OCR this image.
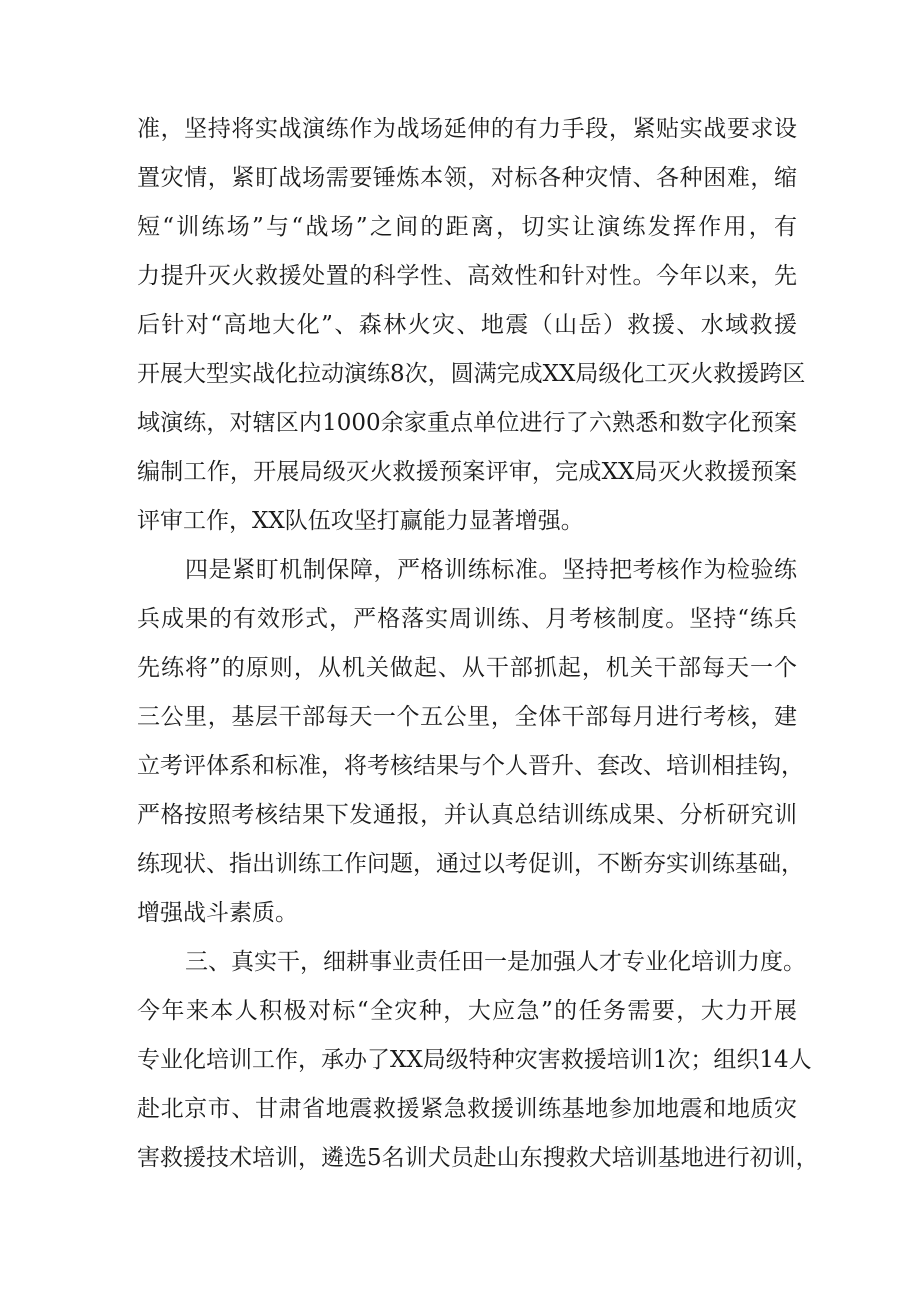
准，坚持将实战演练作为战场延伸的有力手段，紧贴实战要求设
置灾情，紧盯战场需要锤炼本领，对标各种灾情、各种困难，缩
短“训练场”与“战场”之间的距离，切实让演练发挥作用，有
力提升灭火救援处置的科学性、高效性和针对性。今年以来，先
后针对“高地大化”、森林火灾、地震（山岳）救援、水域救援
开展大型实战化拉动演练8次，圆满完成XX局级化工灭火救援跨区
域演练，对辖区内1000余家重点单位进行了六熟悉和数字化预案
编制工作，开展局级灭火救援预案评审，完成XX局灭火救援预案
评审工作，XX队伍攻坚打赢能力显著增强。
四是紧盯机制保障，严格训练标准。坚持把考核作为检验练
兵成果的有效形式，严格落实周训练、月考核制度。坚持“练兵
先练将”的原则，从机关做起、从干部抓起，机关干部每天一个
三公里，基层干部每天一个五公里，全体干部每月进行考核，建
立考评体系和标准，将考核结果与个人晋升、套改、培训相挂钩，
严格按照考核结果下发通报，并认真总结训练成果、分析研究训
练现状、指出训练工作问题，通过以考促训，不断夯实训练基础，
增强战斗素质。
三、真实干，细耕事业责任田一是加强人才专业化培训力度。
今年来本人积极对标“全灾种，大应急”的任务需要，大力开展
专业化培训工作，承办了XX局级特种灾害救援培训1次；组织14人
赴北京市、甘肃省地震救援紧急救援训练基地参加地震和地质灾
害救援技术培训，遴选5名训犬员赴山东搜救犬培训基地进行初训，
